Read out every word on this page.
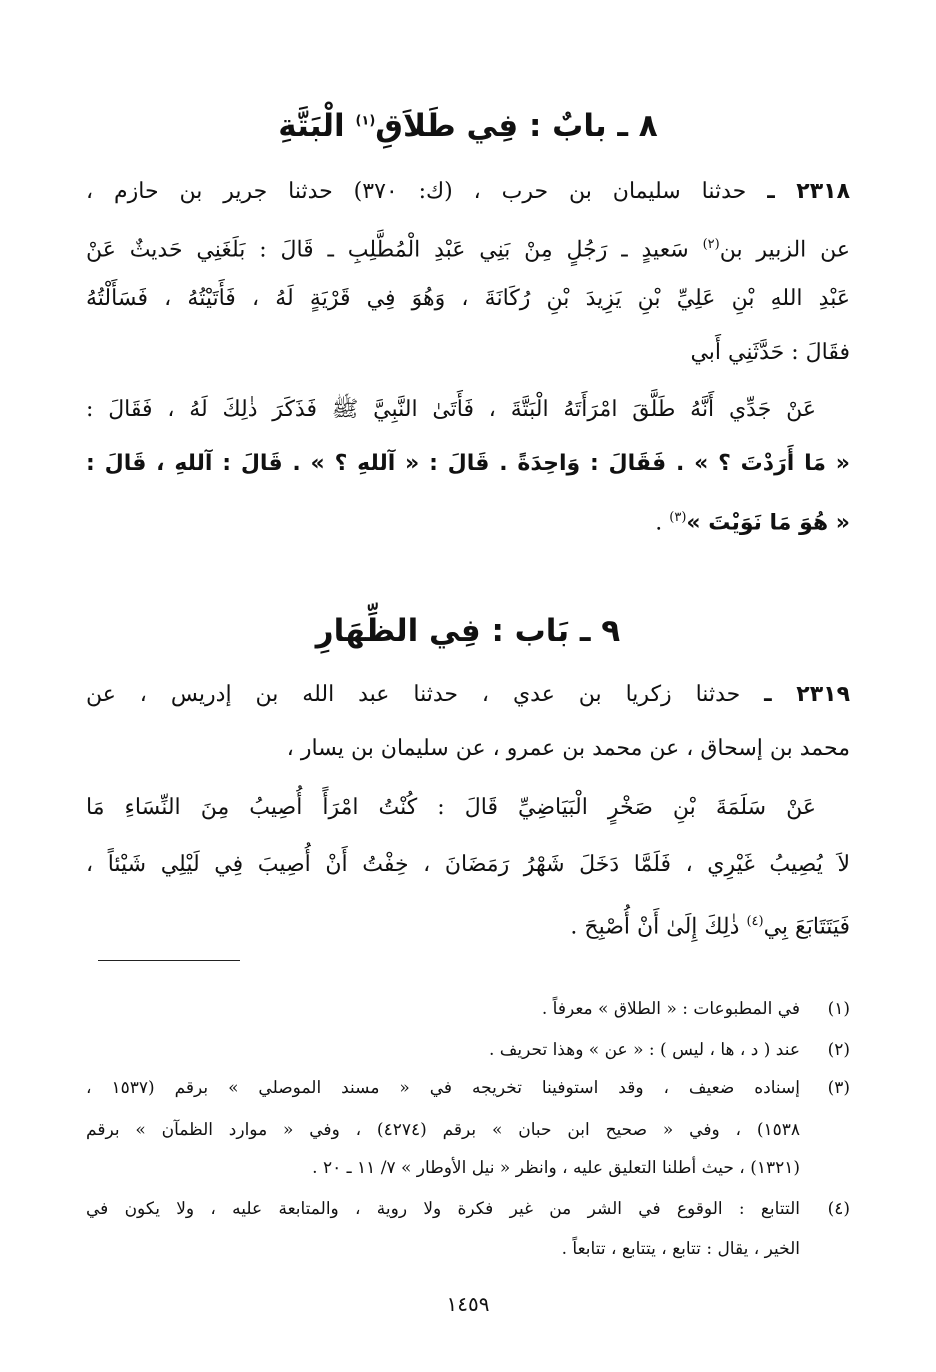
٨ ـ بابٌ : فِي طَلاَقِ$^{(١)}$ الْبَتَّةِ
٢٣١٨ ـ حدثنا سليمان بن حرب ، (ك: ٣٧٠) حدثنا جرير بن حازم ،
عن الزبير بن$^{(٢)}$ سَعيدٍ ـ رَجُلٍ مِنْ بَنِي عَبْدِ الْمُطَّلِبِ ـ قَالَ : بَلَغَنِي حَديثٌ عَنْ
عَبْدِ اللهِ بْنِ عَلِيِّ بْنِ يَزِيدَ بْنِ رُكَانَةَ ، وَهُوَ فِي قَرْيَةٍ لَهُ ، فَأَتَيْتُهُ ، فَسَأَلْتُهُ
فقَالَ : حَدَّثَنِي أَبي
عَنْ جَدِّي أَنَّهُ طَلَّقَ امْرَأَتَهُ الْبَتَّةَ ، فَأَتَىٰ النَّبِيَّ ﷺ فَذَكَرَ ذٰلِكَ لَهُ ، فَقَالَ :
« مَا أَرَدْتَ ؟ » . فَقَالَ : وَاحِدَةً . قَالَ : « آللهِ ؟ » . قَالَ : آللهِ ، قَالَ :
« هُوَ مَا نَوَيْتَ »$^{(٣)}$ .
٩ ـ بَاب : فِي الظِّهَارِ
٢٣١٩ ـ حدثنا زكريا بن عدي ، حدثنا عبد الله بن إدريس ، عن
محمد بن إسحاق ، عن محمد بن عمرو ، عن سليمان بن يسار ،
عَنْ سَلَمَةَ بْنِ صَخْرٍ الْبَيَاضِيِّ قَالَ : كُنْتُ امْرَأً أُصِيبُ مِنَ النِّسَاءِ مَا
لاَ يُصِيبُ غَيْرِي ، فَلَمَّا دَخَلَ شَهْرُ رَمَضَانَ ، خِفْتُ أَنْ أُصِيبَ فِي لَيْلِي شَيْئاً ،
فَيَتَتَابَعَ بِي$^{(٤)}$ ذٰلِكَ إِلَىٰ أَنْ أُصْبِحَ .
(١)في المطبوعات : « الطلاق » معرفاً .
(٢)عند ( د ، ها ، ليس ) : « عن » وهذا تحريف .
(٣)
إسناده ضعيف ، وقد استوفينا تخريجه في « مسند الموصلي » برقم (١٥٣٧ ،
١٥٣٨) ، وفي « صحيح ابن حبان » برقم (٤٢٧٤) ، وفي « موارد الظمآن » برقم
(١٣٢١) ، حيث أطلنا التعليق عليه ، وانظر « نيل الأوطار » ٧/ ١١ ـ ٢٠ .
(٤)
التتابع : الوقوع في الشر من غير فكرة ولا روية ، والمتابعة عليه ، ولا يكون في
الخير ، يقال : تتابع ، يتتابع ، تتابعاً .
١٤٥٩
